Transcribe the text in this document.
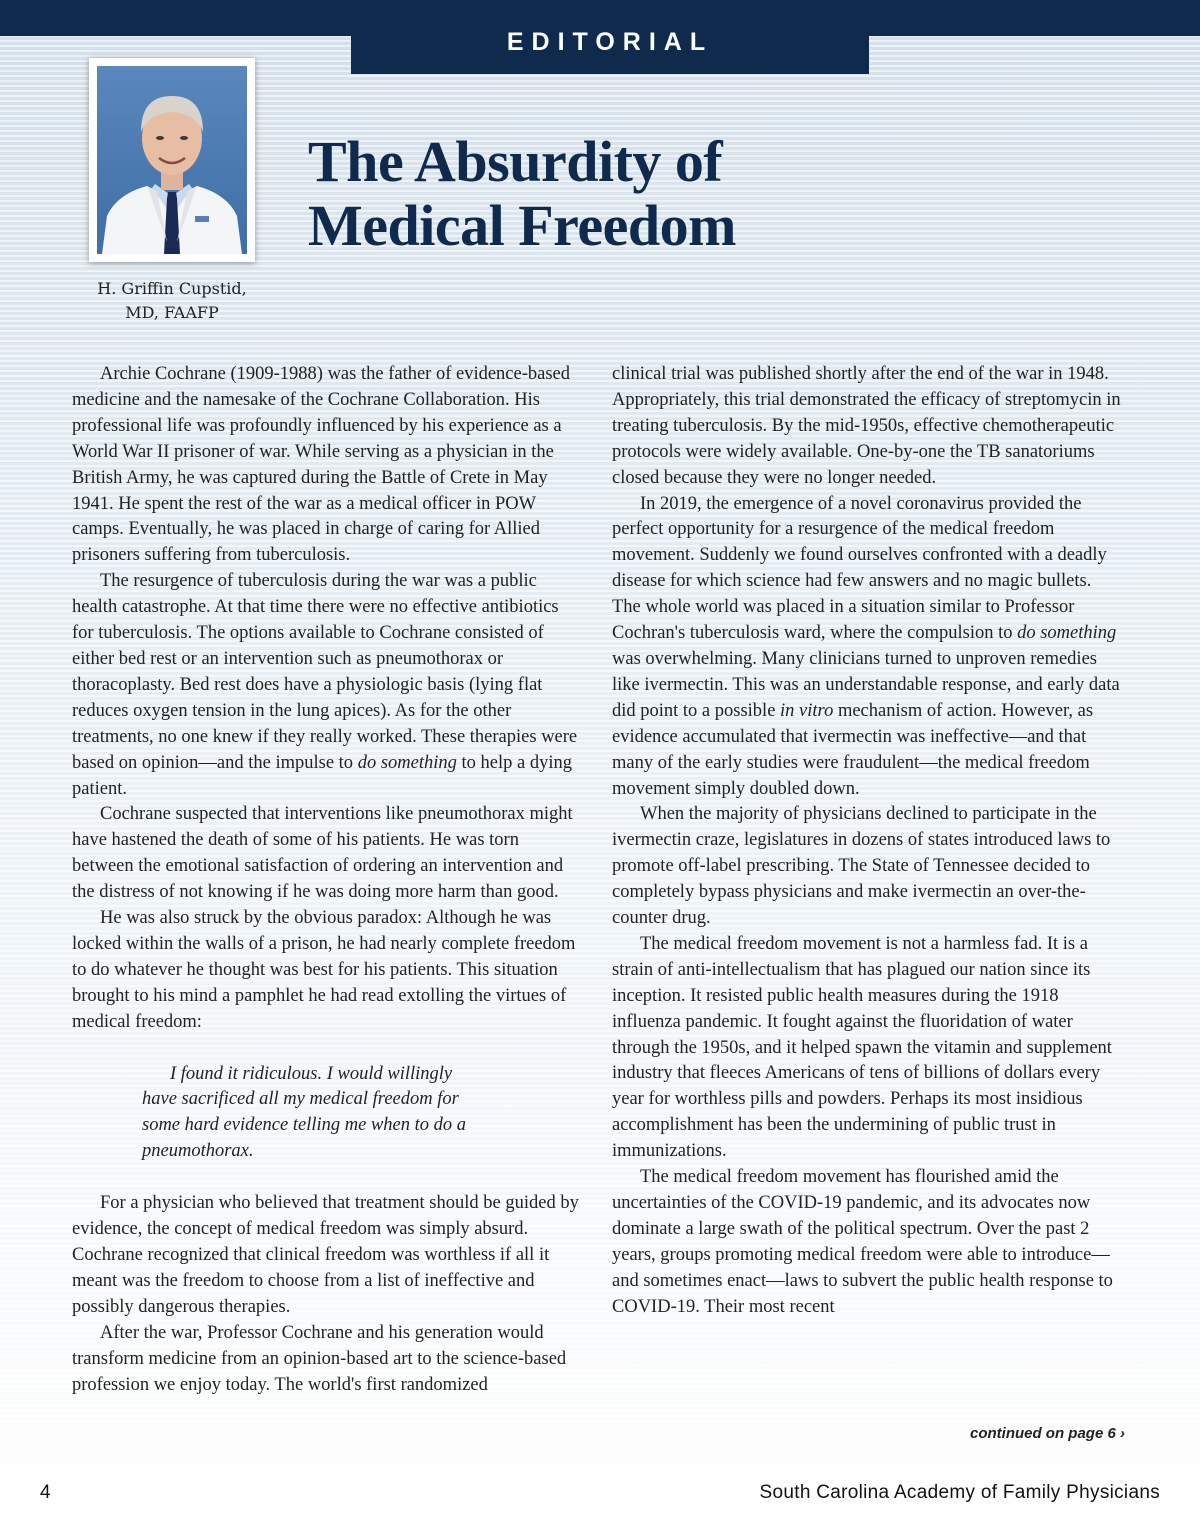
EDITORIAL
H. Griffin Cupstid,
MD, FAAFP
The Absurdity of
Medical Freedom

Archie Cochrane (1909-1988) was the father of evidence-based medicine and the namesake of the Cochrane Collaboration. His professional life was profoundly influenced by his experience as a World War II prisoner of war. While serving as a physician in the British Army, he was captured during the Battle of Crete in May 1941. He spent the rest of the war as a medical officer in POW camps. Eventually, he was placed in charge of caring for Allied prisoners suffering from tuberculosis.

The resurgence of tuberculosis during the war was a public health catastrophe. At that time there were no effective antibiotics for tuberculosis. The options available to Cochrane consisted of either bed rest or an intervention such as pneumothorax or thoracoplasty. Bed rest does have a physiologic basis (lying flat reduces oxygen tension in the lung apices). As for the other treatments, no one knew if they really worked. These therapies were based on opinion—and the impulse to do something to help a dying patient.

Cochrane suspected that interventions like pneumothorax might have hastened the death of some of his patients. He was torn between the emotional satisfaction of ordering an intervention and the distress of not knowing if he was doing more harm than good.

He was also struck by the obvious paradox: Although he was locked within the walls of a prison, he had nearly complete freedom to do whatever he thought was best for his patients. This situation brought to his mind a pamphlet he had read extolling the virtues of medical freedom:

I found it ridiculous. I would willingly have sacrificed all my medical freedom for some hard evidence telling me when to do a pneumothorax.

For a physician who believed that treatment should be guided by evidence, the concept of medical freedom was simply absurd. Cochrane recognized that clinical freedom was worthless if all it meant was the freedom to choose from a list of ineffective and possibly dangerous therapies.

After the war, Professor Cochrane and his generation would transform medicine from an opinion-based art to the science-based profession we enjoy today. The world's first randomized

clinical trial was published shortly after the end of the war in 1948. Appropriately, this trial demonstrated the efficacy of streptomycin in treating tuberculosis. By the mid-1950s, effective chemotherapeutic protocols were widely available. One-by-one the TB sanatoriums closed because they were no longer needed.

In 2019, the emergence of a novel coronavirus provided the perfect opportunity for a resurgence of the medical freedom movement. Suddenly we found ourselves confronted with a deadly disease for which science had few answers and no magic bullets. The whole world was placed in a situation similar to Professor Cochran's tuberculosis ward, where the compulsion to do something was overwhelming. Many clinicians turned to unproven remedies like ivermectin. This was an understandable response, and early data did point to a possible in vitro mechanism of action. However, as evidence accumulated that ivermectin was ineffective—and that many of the early studies were fraudulent—the medical freedom movement simply doubled down.

When the majority of physicians declined to participate in the ivermectin craze, legislatures in dozens of states introduced laws to promote off-label prescribing. The State of Tennessee decided to completely bypass physicians and make ivermectin an over-the-counter drug.

The medical freedom movement is not a harmless fad. It is a strain of anti-intellectualism that has plagued our nation since its inception. It resisted public health measures during the 1918 influenza pandemic. It fought against the fluoridation of water through the 1950s, and it helped spawn the vitamin and supplement industry that fleeces Americans of tens of billions of dollars every year for worthless pills and powders. Perhaps its most insidious accomplishment has been the undermining of public trust in immunizations.

The medical freedom movement has flourished amid the uncertainties of the COVID-19 pandemic, and its advocates now dominate a large swath of the political spectrum. Over the past 2 years, groups promoting medical freedom were able to introduce—and sometimes enact—laws to subvert the public health response to COVID-19. Their most recent

continued on page 6 ›
4	South Carolina Academy of Family Physicians
